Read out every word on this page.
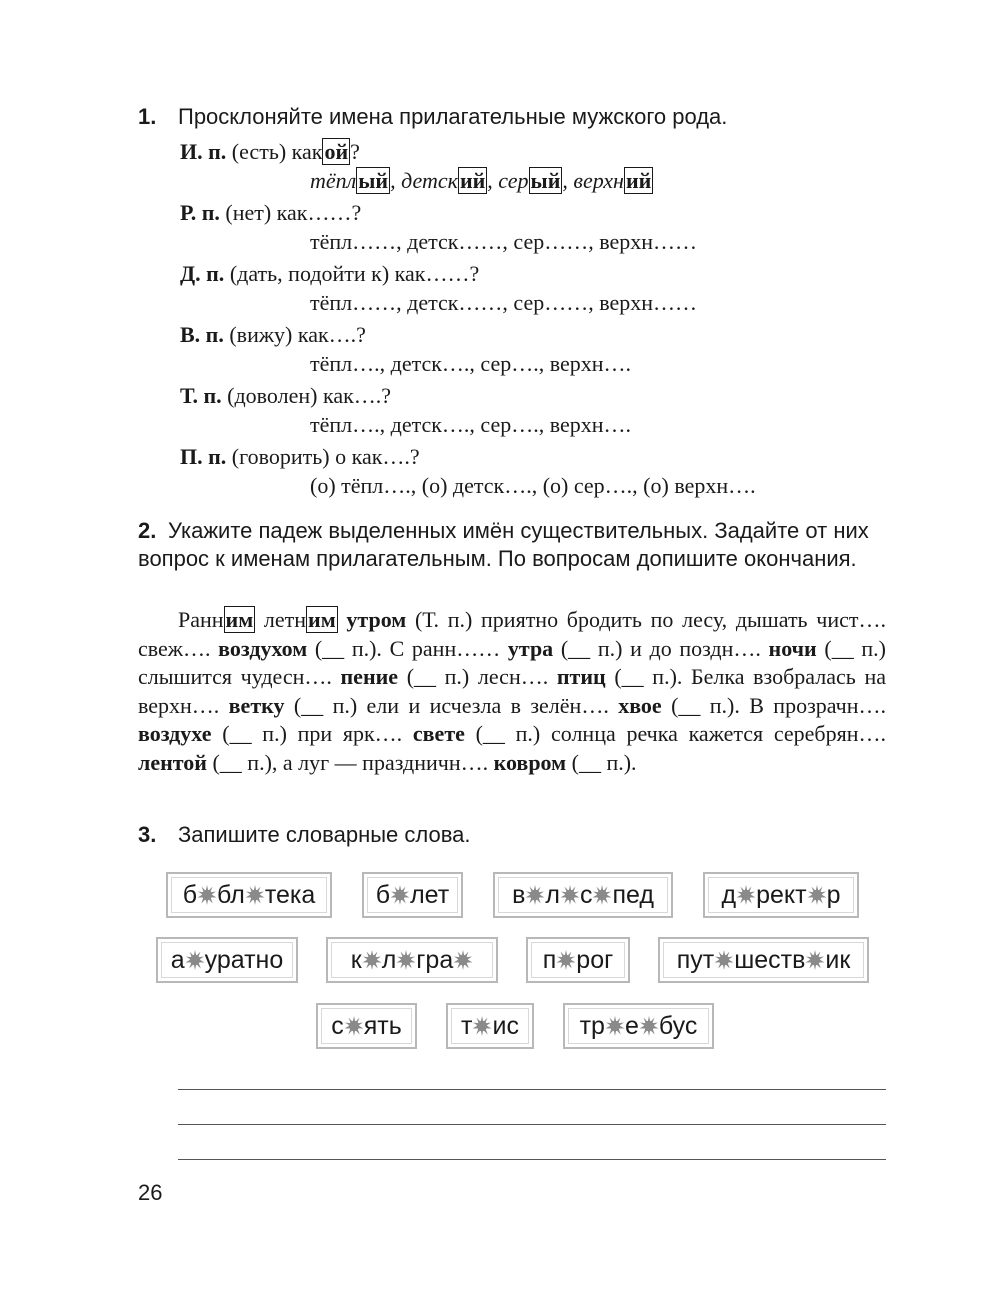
1. Просклоняйте имена прилагательные мужского рода.
И. п. (есть) какой?
тёплый, детский, серый, верхний
Р. п. (нет) как……?
тёпл……, детск……, сер……, верхн……
Д. п. (дать, подойти к) как……?
тёпл……, детск……, сер……, верхн……
В. п. (вижу) как….?
тёпл…., детск…., сер…., верхн….
Т. п. (доволен) как….?
тёпл…., детск…., сер…., верхн….
П. п. (говорить) о как….?
(о) тёпл…., (о) детск…., (о) сер…., (о) верхн….
2. Укажите падеж выделенных имён существительных. Задайте от них вопрос к именам прилагательным. По вопросам допишите окончания.
Ранним летним утром (Т. п.) приятно бродить по лесу, дышать чист…. свеж…. воздухом (__ п.). С ранн…… утра (__ п.) и до поздн…. ночи (__ п.) слышится чудесн…. пение (__ п.) лесн…. птиц (__ п.). Белка взобралась на верхн…. ветку (__ п.) ели и исчезла в зелён…. хвое (__ п.). В прозрачн…. воздухе (__ п.) при ярк…. свете (__ п.) солнца речка кажется серебрян…. лентой (__ п.), а луг — праздничн…. ковром (__ п.).
3. Запишите словарные слова.
б бл тека б лет	в л с пед	д рект р
а уратно	к л гра	п рог	пут шеств ик
с ять т ис тр е бус
26
